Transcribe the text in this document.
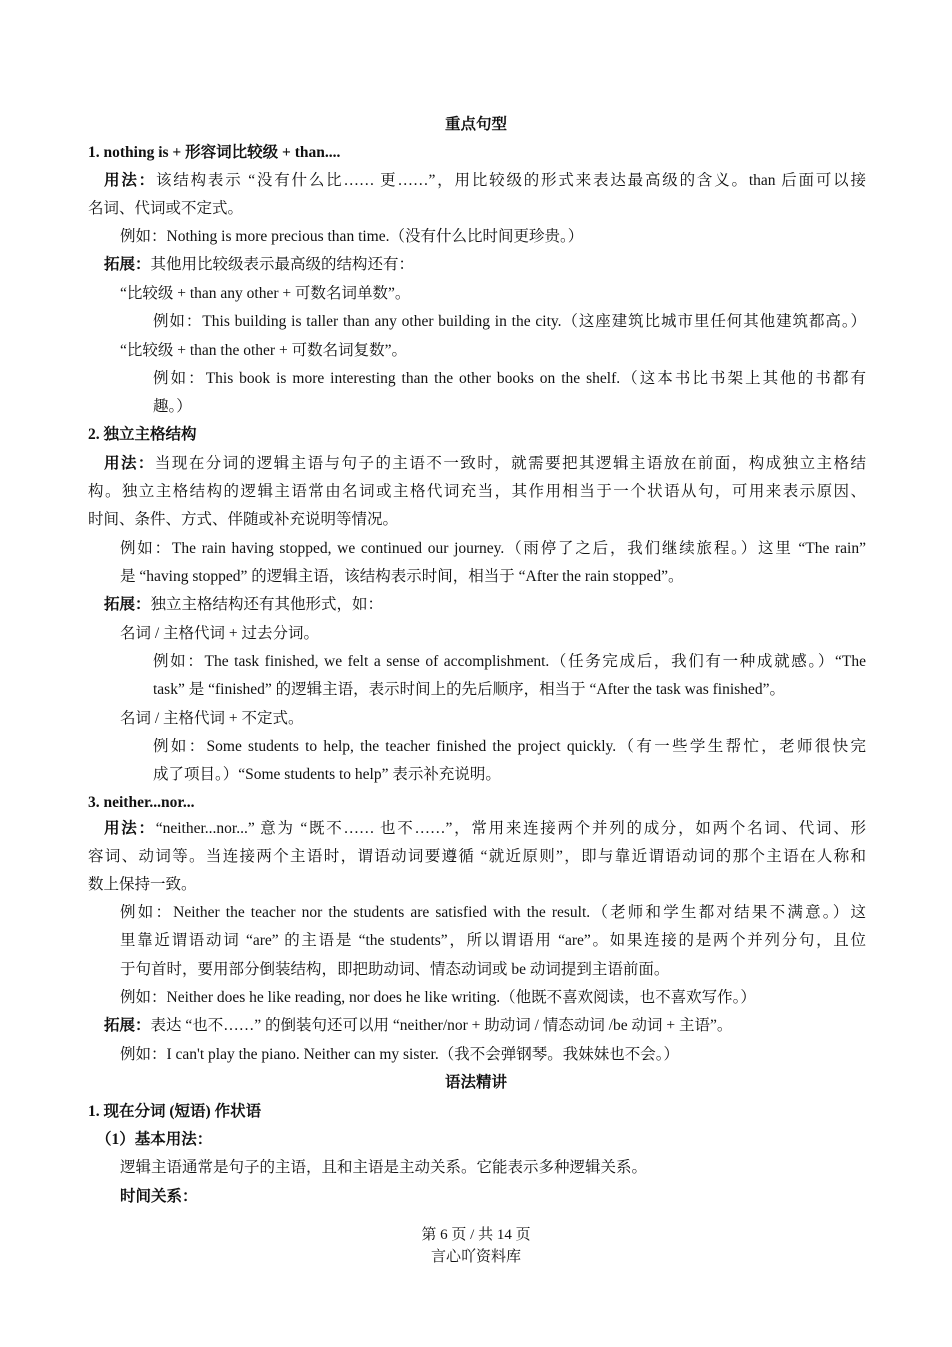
重点句型
1. nothing is + 形容词比较级 + than....
用法：该结构表示 “没有什么比…… 更……”，用比较级的形式来表达最高级的含义。than 后面可以接
名词、代词或不定式。
例如：Nothing is more precious than time.（没有什么比时间更珍贵。）
拓展：其他用比较级表示最高级的结构还有：
“比较级 + than any other + 可数名词单数”。
例如：This building is taller than any other building in the city.（这座建筑比城市里任何其他建筑都高。）
“比较级 + than the other + 可数名词复数”。
例如：This book is more interesting than the other books on the shelf.（这本书比书架上其他的书都有
趣。）
2. 独立主格结构
用法：当现在分词的逻辑主语与句子的主语不一致时，就需要把其逻辑主语放在前面，构成独立主格结
构。独立主格结构的逻辑主语常由名词或主格代词充当，其作用相当于一个状语从句，可用来表示原因、
时间、条件、方式、伴随或补充说明等情况。
例如：The rain having stopped, we continued our journey.（雨停了之后，我们继续旅程。）这里 “The rain”
是 “having stopped” 的逻辑主语，该结构表示时间，相当于 “After the rain stopped”。
拓展：独立主格结构还有其他形式，如：
名词 / 主格代词 + 过去分词。
例如：The task finished, we felt a sense of accomplishment.（任务完成后，我们有一种成就感。）“The
task” 是 “finished” 的逻辑主语，表示时间上的先后顺序，相当于 “After the task was finished”。
名词 / 主格代词 + 不定式。
例如：Some students to help, the teacher finished the project quickly.（有一些学生帮忙，老师很快完
成了项目。）“Some students to help” 表示补充说明。
3. neither...nor...
用法：“neither...nor...” 意为 “既不…… 也不……”，常用来连接两个并列的成分，如两个名词、代词、形
容词、动词等。当连接两个主语时，谓语动词要遵循 “就近原则”，即与靠近谓语动词的那个主语在人称和
数上保持一致。
例如：Neither the teacher nor the students are satisfied with the result.（老师和学生都对结果不满意。）这
里靠近谓语动词 “are” 的主语是 “the students”，所以谓语用 “are”。如果连接的是两个并列分句，且位
于句首时，要用部分倒装结构，即把助动词、情态动词或 be 动词提到主语前面。
例如：Neither does he like reading, nor does he like writing.（他既不喜欢阅读，也不喜欢写作。）
拓展：表达 “也不……” 的倒装句还可以用 “neither/nor + 助动词 / 情态动词 /be 动词 + 主语”。
例如：I can't play the piano. Neither can my sister.（我不会弹钢琴。我妹妹也不会。）
语法精讲
1. 现在分词 (短语) 作状语
（1）基本用法：
逻辑主语通常是句子的主语，且和主语是主动关系。它能表示多种逻辑关系。
时间关系：
第 6 页 / 共 14 页
言心吖资料库
